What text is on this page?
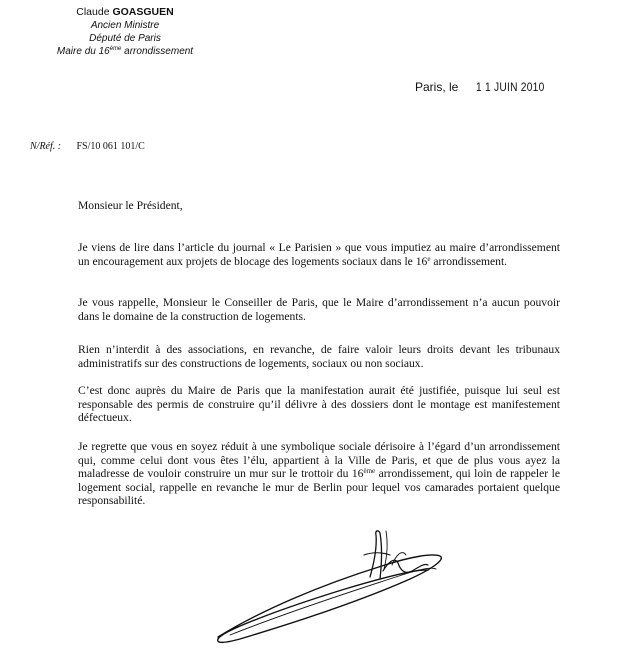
Claude GOASGUEN
Ancien Ministre
Député de Paris
Maire du 16ème arrondissement
Paris, le 1 1 JUIN 2010
N/Réf. : FS/10 061 101/C

Monsieur le Président,

Je viens de lire dans l’article du journal « Le Parisien » que vous imputiez au maire d’arrondissement un encouragement aux projets de blocage des logements sociaux dans le 16e arrondissement.

Je vous rappelle, Monsieur le Conseiller de Paris, que le Maire d’arrondissement n’a aucun pouvoir dans le domaine de la construction de logements.

Rien n’interdit à des associations, en revanche, de faire valoir leurs droits devant les tribunaux administratifs sur des constructions de logements, sociaux ou non sociaux.

C’est donc auprès du Maire de Paris que la manifestation aurait été justifiée, puisque lui seul est responsable des permis de construire qu’il délivre à des dossiers dont le montage est manifestement défectueux.

Je regrette que vous en soyez réduit à une symbolique sociale dérisoire à l’égard d’un arrondissement qui, comme celui dont vous êtes l’élu, appartient à la Ville de Paris, et que de plus vous ayez la maladresse de vouloir construire un mur sur le trottoir du 16ème arrondissement, qui loin de rappeler le logement social, rappelle en revanche le mur de Berlin pour lequel vos camarades portaient quelque responsabilité.
